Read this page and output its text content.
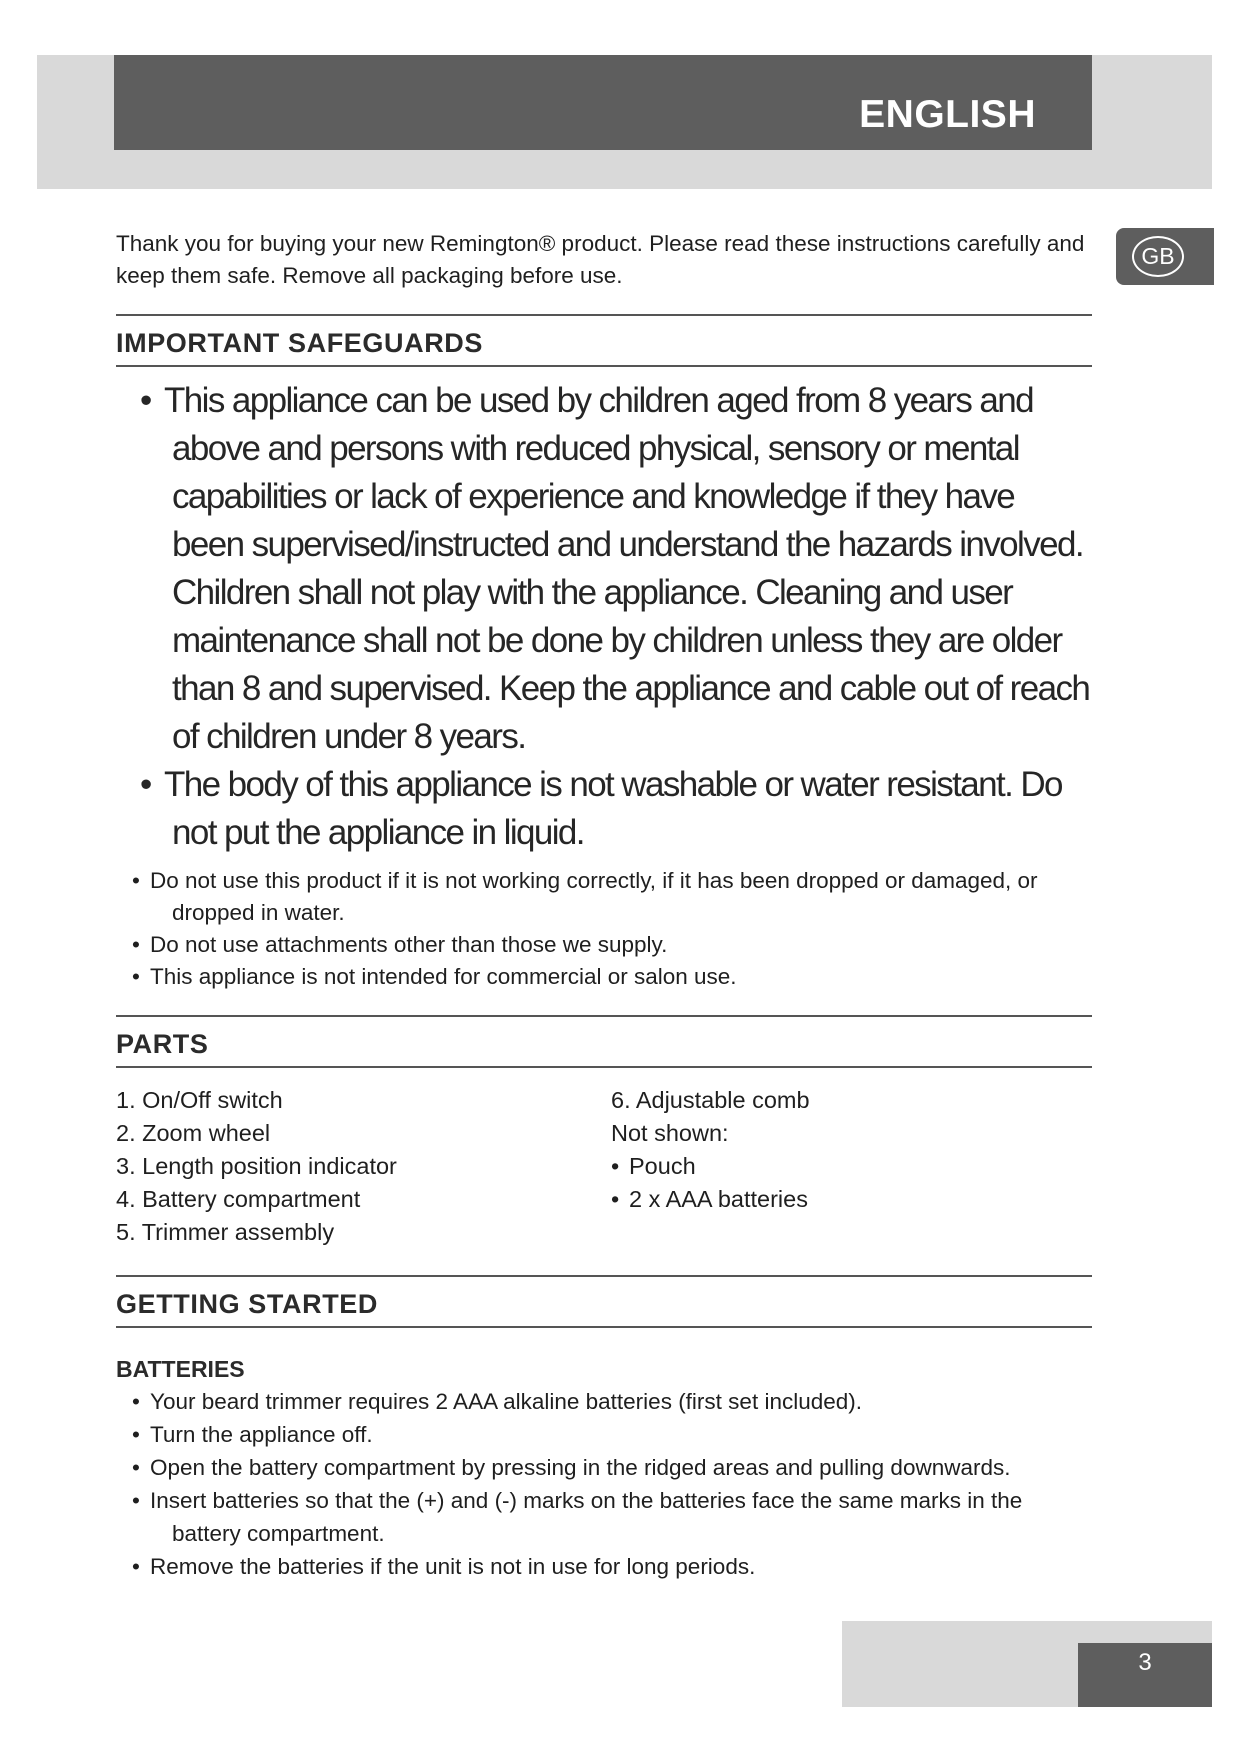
ENGLISH
GB

Thank you for buying your new Remington® product. Please read these instructions carefully and keep them safe. Remove all packaging before use.

IMPORTANT SAFEGUARDS
• This appliance can be used by children aged from 8 years and above and persons with reduced physical, sensory or mental capabilities or lack of experience and knowledge if they have been supervised/instructed and understand the hazards involved. Children shall not play with the appliance. Cleaning and user maintenance shall not be done by children unless they are older than 8 and supervised. Keep the appliance and cable out of reach of children under 8 years.
• The body of this appliance is not washable or water resistant. Do not put the appliance in liquid.
• Do not use this product if it is not working correctly, if it has been dropped or damaged, or dropped in water.
• Do not use attachments other than those we supply.
• This appliance is not intended for commercial or salon use.
PARTS
1. On/Off switch
2. Zoom wheel
3. Length position indicator
4. Battery compartment
5. Trimmer assembly
6. Adjustable comb
Not shown:
• Pouch
• 2 x AAA batteries
GETTING STARTED
BATTERIES
• Your beard trimmer requires 2 AAA alkaline batteries (first set included).
• Turn the appliance off.
• Open the battery compartment by pressing in the ridged areas and pulling downwards.
• Insert batteries so that the (+) and (-) marks on the batteries face the same marks in the battery compartment.
• Remove the batteries if the unit is not in use for long periods.
3
